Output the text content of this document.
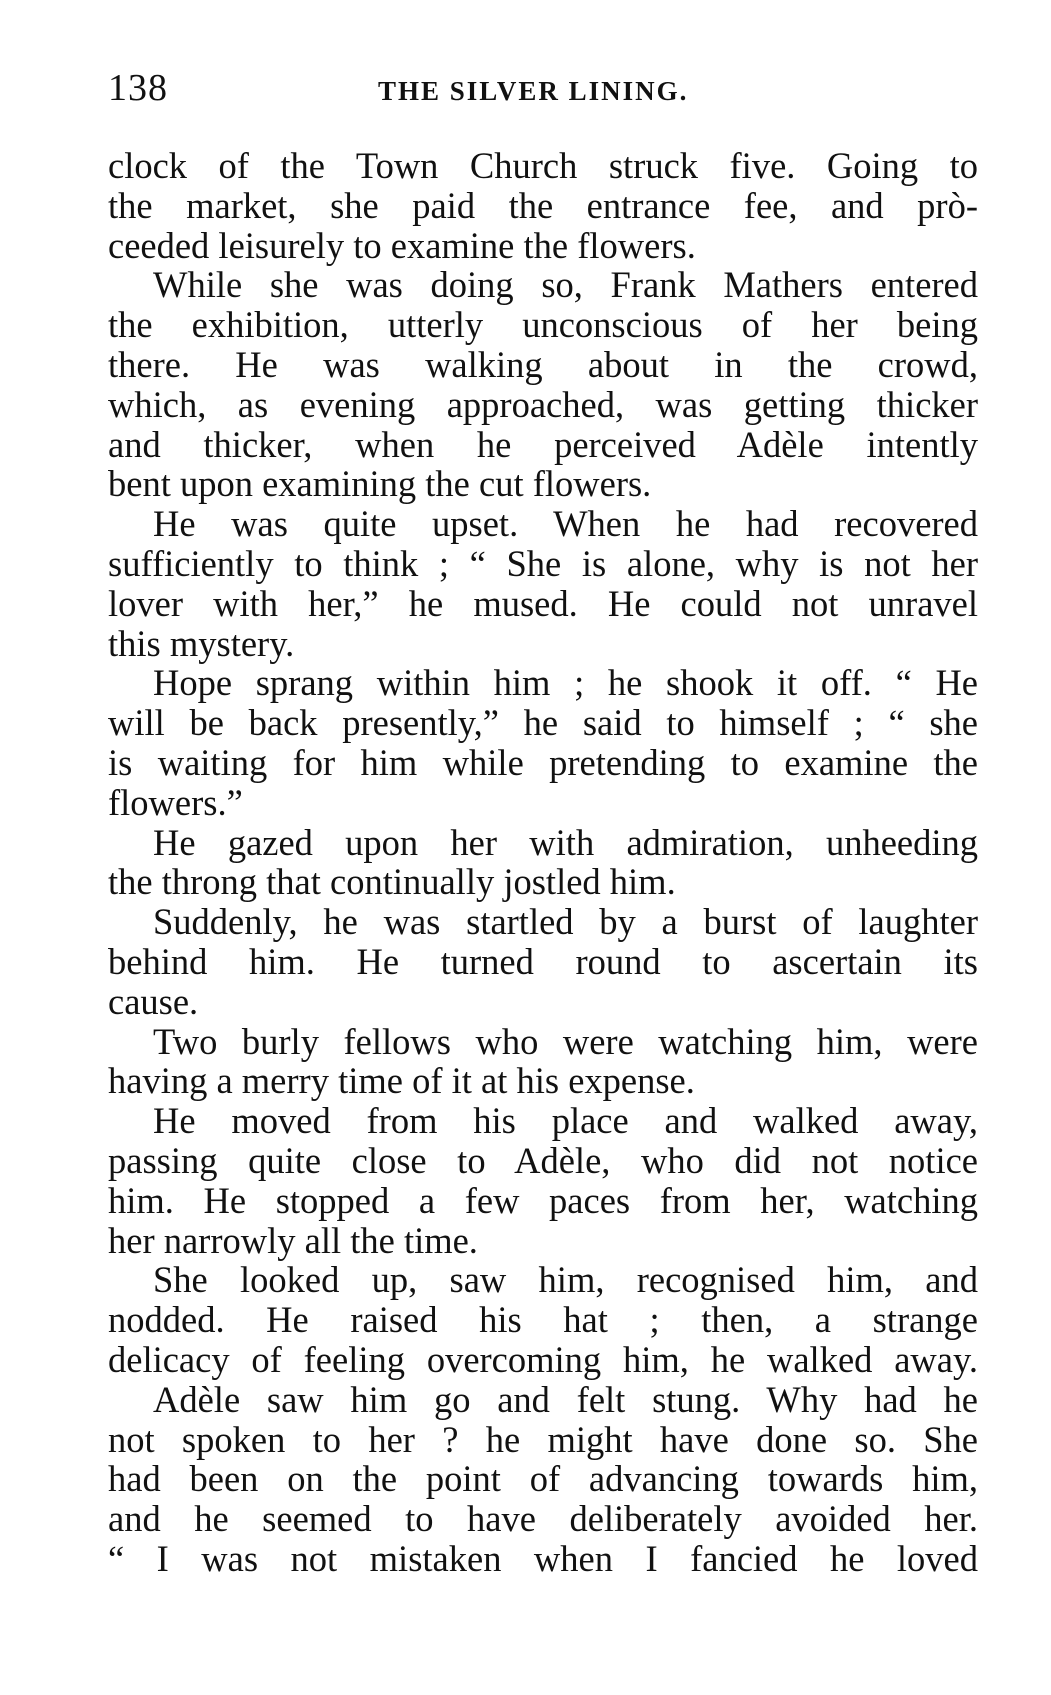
138	THE SILVER LINING.
clock of the Town Church struck five. Going to
the market, she paid the entrance fee, and prò-
ceeded leisurely to examine the flowers.
While she was doing so, Frank Mathers entered
the exhibition, utterly unconscious of her being
there. He was walking about in the crowd,
which, as evening approached, was getting thicker
and thicker, when he perceived Adèle intently
bent upon examining the cut flowers.
He was quite upset. When he had recovered
sufficiently to think ; “ She is alone, why is not her
lover with her,” he mused. He could not unravel
this mystery.
Hope sprang within him ; he shook it off. “ He
will be back presently,” he said to himself ; “ she
is waiting for him while pretending to examine the
flowers.”
He gazed upon her with admiration, unheeding
the throng that continually jostled him.
Suddenly, he was startled by a burst of laughter
behind him. He turned round to ascertain its
cause.
Two burly fellows who were watching him, were
having a merry time of it at his expense.
He moved from his place and walked away,
passing quite close to Adèle, who did not notice
him. He stopped a few paces from her, watching
her narrowly all the time.
She looked up, saw him, recognised him, and
nodded. He raised his hat ; then, a strange
delicacy of feeling overcoming him, he walked away.
Adèle saw him go and felt stung. Why had he
not spoken to her ? he might have done so. She
had been on the point of advancing towards him,
and he seemed to have deliberately avoided her.
“ I was not mistaken when I fancied he loved
